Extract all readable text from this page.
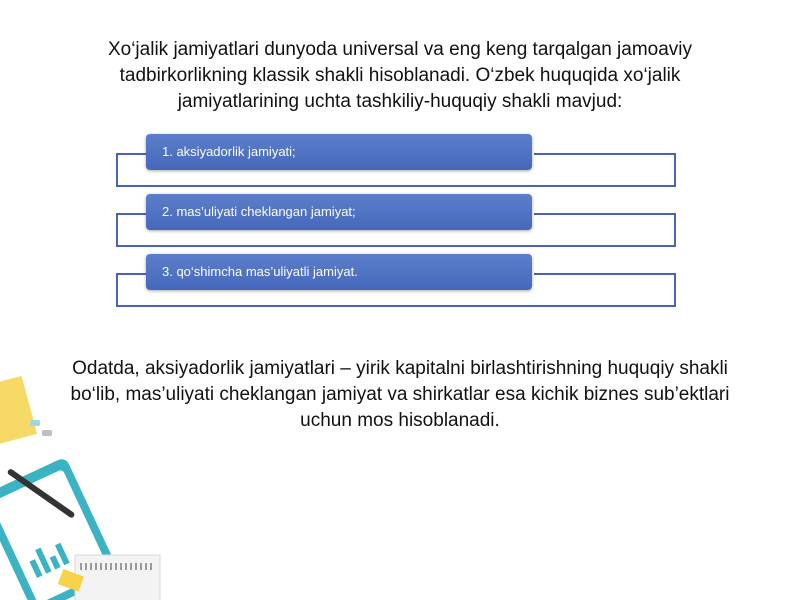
Xo‘jalik jamiyatlari dunyoda universal va eng keng tarqalgan jamoaviy tadbirkorlikning klassik shakli hisoblanadi. O‘zbek huquqida xo‘jalik jamiyatlarining uchta tashkiliy-huquqiy shakli mavjud:
1. aksiyadorlik jamiyati;
2. mas’uliyati cheklangan jamiyat;
3. qo‘shimcha mas’uliyatli jamiyat.
Odatda, aksiyadorlik jamiyatlari – yirik kapitalni birlashtirishning huquqiy shakli bo‘lib, mas’uliyati cheklangan jamiyat va shirkatlar esa kichik biznes sub’ektlari uchun mos hisoblanadi.
